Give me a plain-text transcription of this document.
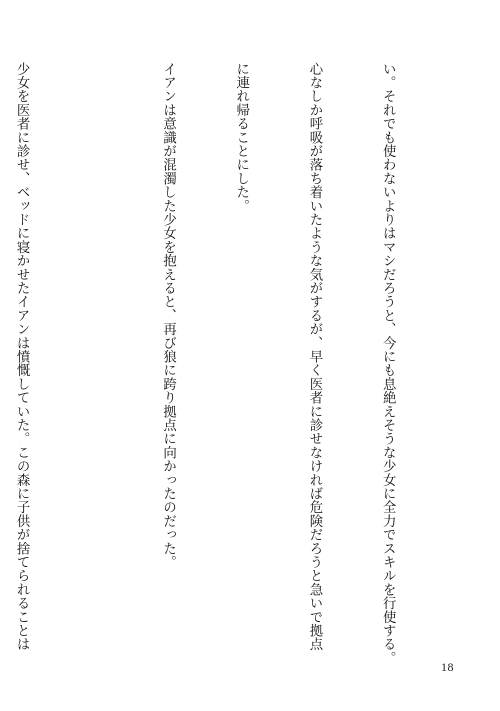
い。それでも使わないよりはマシだろうと、今にも息絶えそうな少女に全力でスキルを行使する。

心なしか呼吸が落ち着いたような気がするが、早く医者に診せなければ危険だろうと急いで拠点

に連れ帰ることにした。

イアンは意識が混濁した少女を抱えると、再び狼に跨り拠点に向かったのだった。

少女を医者に診せ、ベッドに寝かせたイアンは憤慨していた。この森に子供が捨てられることは

18
